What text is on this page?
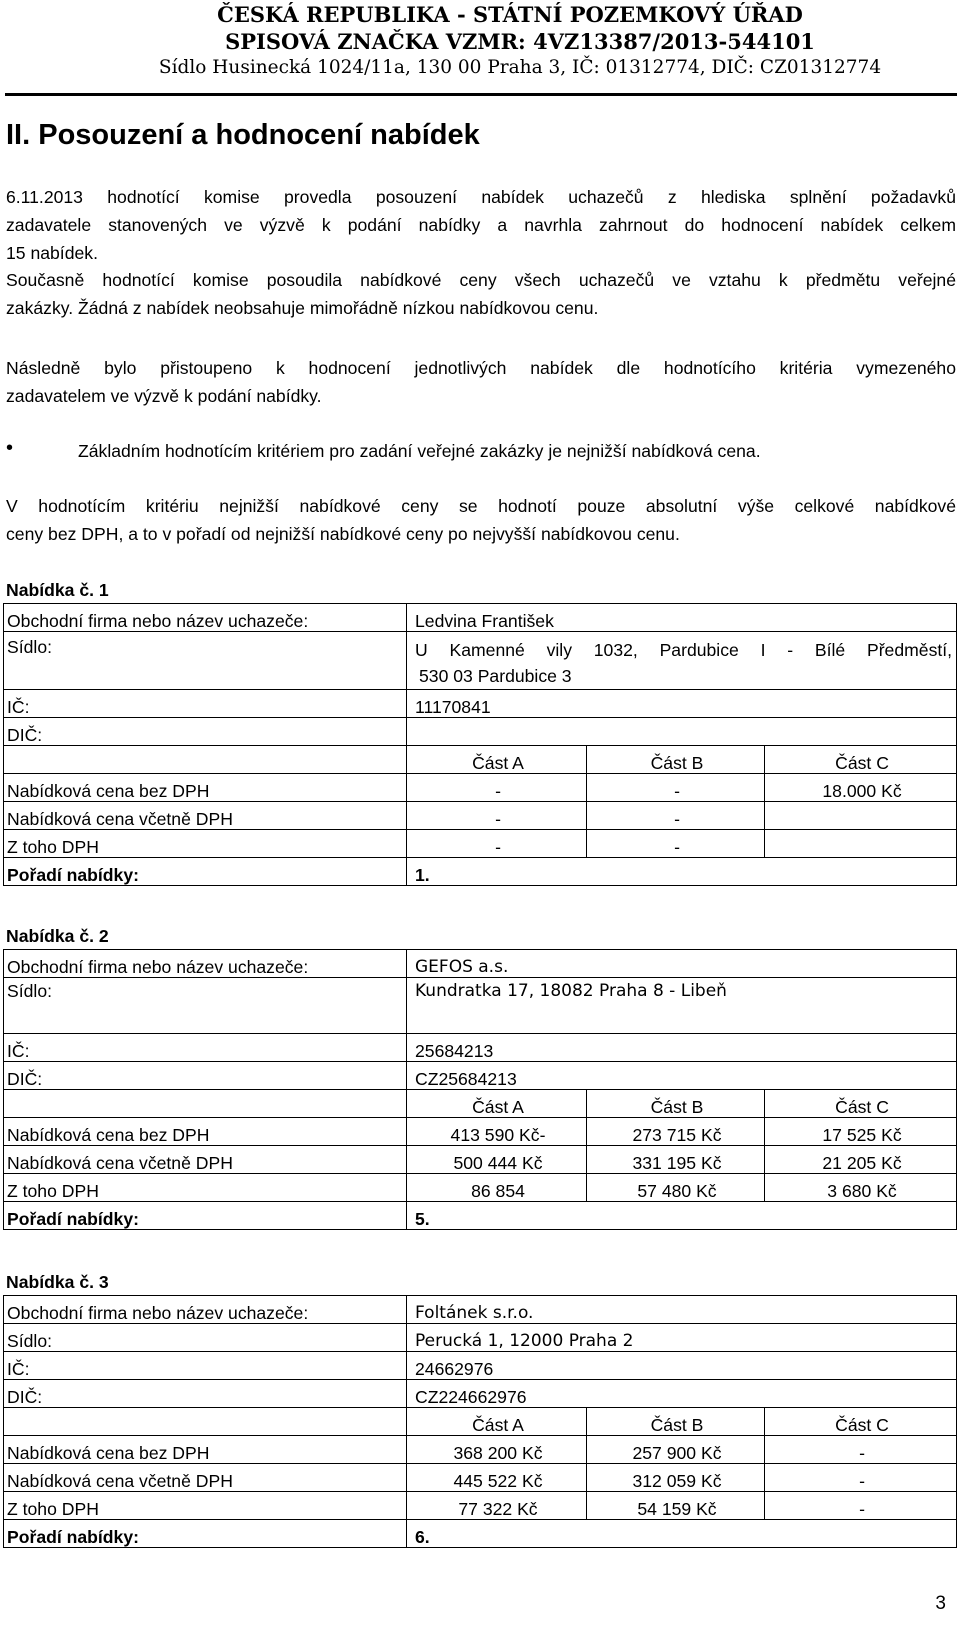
ČESKÁ REPUBLIKA - STÁTNÍ POZEMKOVÝ ÚŘAD
SPISOVÁ ZNAČKA VZMR: 4VZ13387/2013-544101
Sídlo Husinecká 1024/11a, 130 00 Praha 3, IČ: 01312774, DIČ: CZ01312774
II. Posouzení a hodnocení nabídek
6.11.2013 hodnotící komise provedla posouzení nabídek uchazečů z hlediska splnění požadavků
zadavatele stanovených ve výzvě k podání nabídky a navrhla zahrnout do hodnocení nabídek celkem
15 nabídek.
Současně hodnotící komise posoudila nabídkové ceny všech uchazečů ve vztahu k předmětu veřejné
zakázky. Žádná z nabídek neobsahuje mimořádně nízkou nabídkovou cenu.
Následně bylo přistoupeno k hodnocení jednotlivých nabídek dle hodnotícího kritéria vymezeného
zadavatelem ve výzvě k podání nabídky.
•	Základním hodnotícím kritériem pro zadání veřejné zakázky je nejnižší nabídková cena.
V hodnotícím kritériu nejnižší nabídkové ceny se hodnotí pouze absolutní výše celkové nabídkové
ceny bez DPH, a to v pořadí od nejnižší nabídkové ceny po nejvyšší nabídkovou cenu.
Nabídka č. 1
Obchodní firma nebo název uchazeče:	Ledvina František		
Sídlo:	U Kamenné vily 1032, Pardubice I - Bílé Předměstí,
530 03 Pardubice 3		

IČ:	11170841		
DIČ:			
	Část A	Část B	Část C
Nabídková cena bez DPH	-	-	18.000 Kč
Nabídková cena včetně DPH	-	-	
Z toho DPH	-	-	
Pořadí nabídky:	1.		
Nabídka č. 2
Obchodní firma nebo název uchazeče:	GEFOS a.s.		
Sídlo:	Kundratka 17, 18082 Praha 8 - Libeň		
IČ:	25684213		
DIČ:	CZ25684213		
	Část A	Část B	Část C
Nabídková cena bez DPH	413 590 Kč-	273 715 Kč	17 525 Kč
Nabídková cena včetně DPH	500 444 Kč	331 195 Kč	21 205 Kč
Z toho DPH	86 854	57 480 Kč	3 680 Kč
Pořadí nabídky:	5.		
Nabídka č. 3
Obchodní firma nebo název uchazeče:	Foltánek s.r.o.		
Sídlo:	Perucká 1, 12000 Praha 2		
IČ:	24662976		
DIČ:	CZ224662976		
	Část A	Část B	Část C
Nabídková cena bez DPH	368 200 Kč	257 900 Kč	-
Nabídková cena včetně DPH	445 522 Kč	312 059 Kč	-
Z toho DPH	77 322 Kč	54 159 Kč	-
Pořadí nabídky:	6.		
3
